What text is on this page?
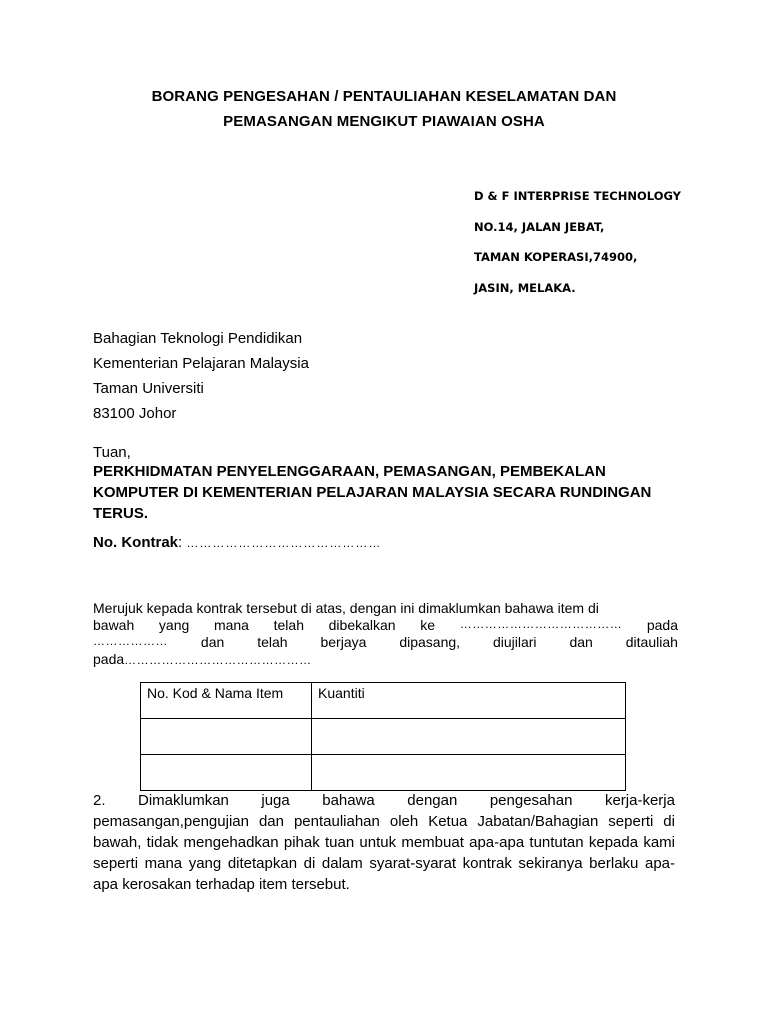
BORANG PENGESAHAN / PENTAULIAHAN KESELAMATAN DAN
PEMASANGAN MENGIKUT PIAWAIAN OSHA
D & F INTERPRISE TECHNOLOGY
NO.14, JALAN JEBAT,
TAMAN KOPERASI,74900,
JASIN, MELAKA.
Bahagian Teknologi Pendidikan
Kementerian Pelajaran Malaysia
Taman Universiti
83100 Johor
Tuan,
PERKHIDMATAN PENYELENGGARAAN, PEMASANGAN, PEMBEKALAN KOMPUTER DI KEMENTERIAN PELAJARAN MALAYSIA SECARA RUNDINGAN TERUS.
No. Kontrak: ………………………………………
Merujuk kepada kontrak tersebut di atas, dengan ini dimaklumkan bahawa item di
bawah yang mana telah dibekalkan ke ………………………………… pada
……………… dan telah berjaya dipasang, diujilari dan ditauliah
pada………………………………………
No. Kod & Nama Item	Kuantiti

2. Dimaklumkan juga bahawa dengan pengesahan kerja-kerja
pemasangan,pengujian dan pentauliahan oleh Ketua Jabatan/Bahagian seperti di bawah, tidak mengehadkan pihak tuan untuk membuat apa-apa tuntutan kepada kami seperti mana yang ditetapkan di dalam syarat-syarat kontrak sekiranya berlaku apa-apa kerosakan terhadap item tersebut.
